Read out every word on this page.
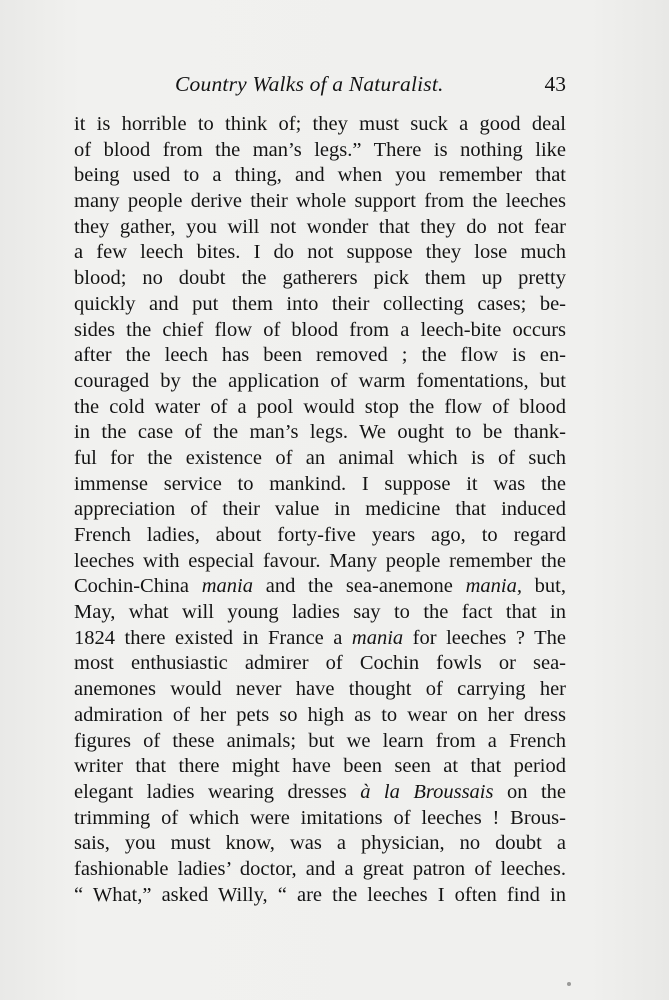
Country Walks of a Naturalist.	43
it is horrible to think of; they must suck a good deal
of blood from the man’s legs.” There is nothing like
being used to a thing, and when you remember that
many people derive their whole support from the leeches
they gather, you will not wonder that they do not fear
a few leech bites. I do not suppose they lose much
blood; no doubt the gatherers pick them up pretty
quickly and put them into their collecting cases; be-
sides the chief flow of blood from a leech-bite occurs
after the leech has been removed ; the flow is en-
couraged by the application of warm fomentations, but
the cold water of a pool would stop the flow of blood
in the case of the man’s legs. We ought to be thank-
ful for the existence of an animal which is of such
immense service to mankind. I suppose it was the
appreciation of their value in medicine that induced
French ladies, about forty-five years ago, to regard
leeches with especial favour. Many people remember the
Cochin-China mania and the sea-anemone mania, but,
May, what will young ladies say to the fact that in
1824 there existed in France a mania for leeches ? The
most enthusiastic admirer of Cochin fowls or sea-
anemones would never have thought of carrying her
admiration of her pets so high as to wear on her dress
figures of these animals; but we learn from a French
writer that there might have been seen at that period
elegant ladies wearing dresses à la Broussais on the
trimming of which were imitations of leeches ! Brous-
sais, you must know, was a physician, no doubt a
fashionable ladies’ doctor, and a great patron of leeches.
“ What,” asked Willy, “ are the leeches I often find in
